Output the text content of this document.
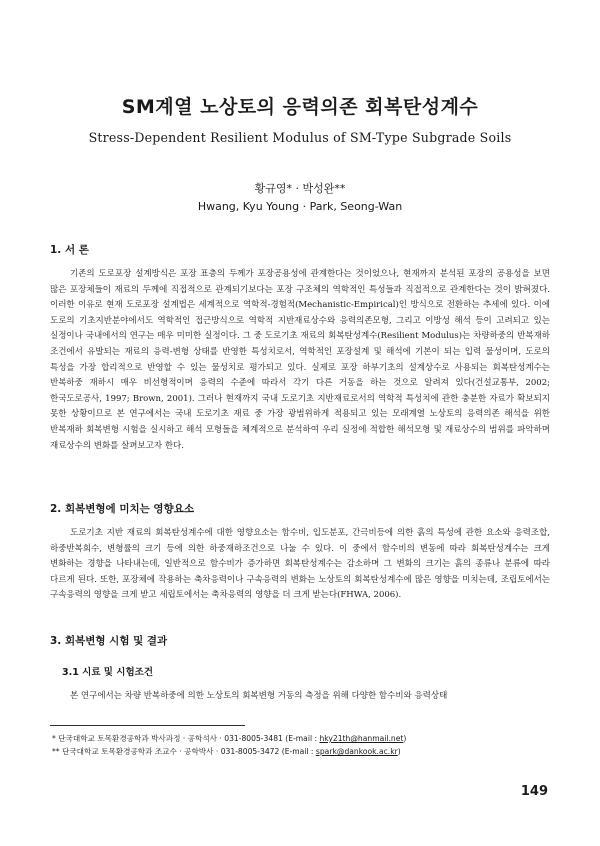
SM계열 노상토의 응력의존 회복탄성계수
Stress-Dependent Resilient Modulus of SM-Type Subgrade Soils
황규영* · 박성완**
Hwang, Kyu Young · Park, Seong-Wan
1. 서 론

기존의 도로포장 설계방식은 포장 표층의 두께가 포장공용성에 관계한다는 것이었으나, 현재까지 분석된 포장의 공용성을 보면 많은 포장체들이 재료의 두께에 직접적으로 관계되기보다는 포장 구조체의 역학적인 특성들과 직접적으로 관계한다는 것이 밝혀졌다. 이러한 이유로 현재 도로포장 설계법은 세계적으로 역학적-경험적(Mechanistic-Empirical)인 방식으로 전환하는 추세에 있다. 이에 도로의 기초지반분야에서도 역학적인 접근방식으로 역학적 지반재료상수와 응력의존모형, 그리고 이방성 해석 등이 고려되고 있는 실정이나 국내에서의 연구는 매우 미미한 실정이다. 그 중 도로기초 재료의 회복탄성계수(Resilient Modulus)는 차량하중의 반복재하 조건에서 유발되는 재료의 응력-변형 상태를 반영한 특성치로서, 역학적인 포장설계 및 해석에 기본이 되는 입력 물성이며, 도로의 특성을 가장 합리적으로 반영할 수 있는 물성치로 평가되고 있다. 실제로 포장 하부기초의 설계상수로 사용되는 회복탄성계수는 반복하중 재하시 매우 비선형적이며 응력의 수준에 따라서 각기 다른 거동을 하는 것으로 알려져 있다(건설교통부, 2002; 한국도로공사, 1997; Brown, 2001). 그러나 현재까지 국내 도로기초 지반재료로서의 역학적 특성치에 관한 충분한 자료가 확보되지 못한 상황이므로 본 연구에서는 국내 도로기초 재료 중 가장 광범위하게 적용되고 있는 모래계열 노상토의 응력의존 해석을 위한 반복재하 회복변형 시험을 실시하고 해석 모형들을 체계적으로 분석하여 우리 실정에 적합한 해석모형 및 재료상수의 범위를 파악하며 재료상수의 변화를 살펴보고자 한다.

2. 회복변형에 미치는 영향요소

도로기초 지반 재료의 회복탄성계수에 대한 영향요소는 함수비, 입도분포, 간극비등에 의한 흙의 특성에 관한 요소와 응력조합, 하중반복회수, 변형률의 크기 등에 의한 하중재하조건으로 나눌 수 있다. 이 중에서 함수비의 변동에 따라 회복탄성계수는 크게 변화하는 경향을 나타내는데, 일반적으로 함수비가 증가하면 회복탄성계수는 감소하며 그 변화의 크기는 흙의 종류나 분류에 따라 다르게 된다. 또한, 포장체에 작용하는 축차응력이나 구속응력의 변화는 노상토의 회복탄성계수에 많은 영향을 미치는데, 조립토에서는 구속응력의 영향을 크게 받고 세립토에서는 축차응력의 영향을 더 크게 받는다(FHWA, 2006).

3. 회복변형 시험 및 결과
3.1 시료 및 시험조건

본 연구에서는 차량 반복하중에 의한 노상토의 회복변형 거동의 측정을 위해 다양한 함수비와 응력상태

* 단국대학교 토목환경공학과 박사과정 · 공학석사 · 031-8005-3481 (E-mail : hky21th@hanmail.net)
** 단국대학교 토목환경공학과 조교수 · 공학박사 · 031-8005-3472 (E-mail : spark@dankook.ac.kr)
149
